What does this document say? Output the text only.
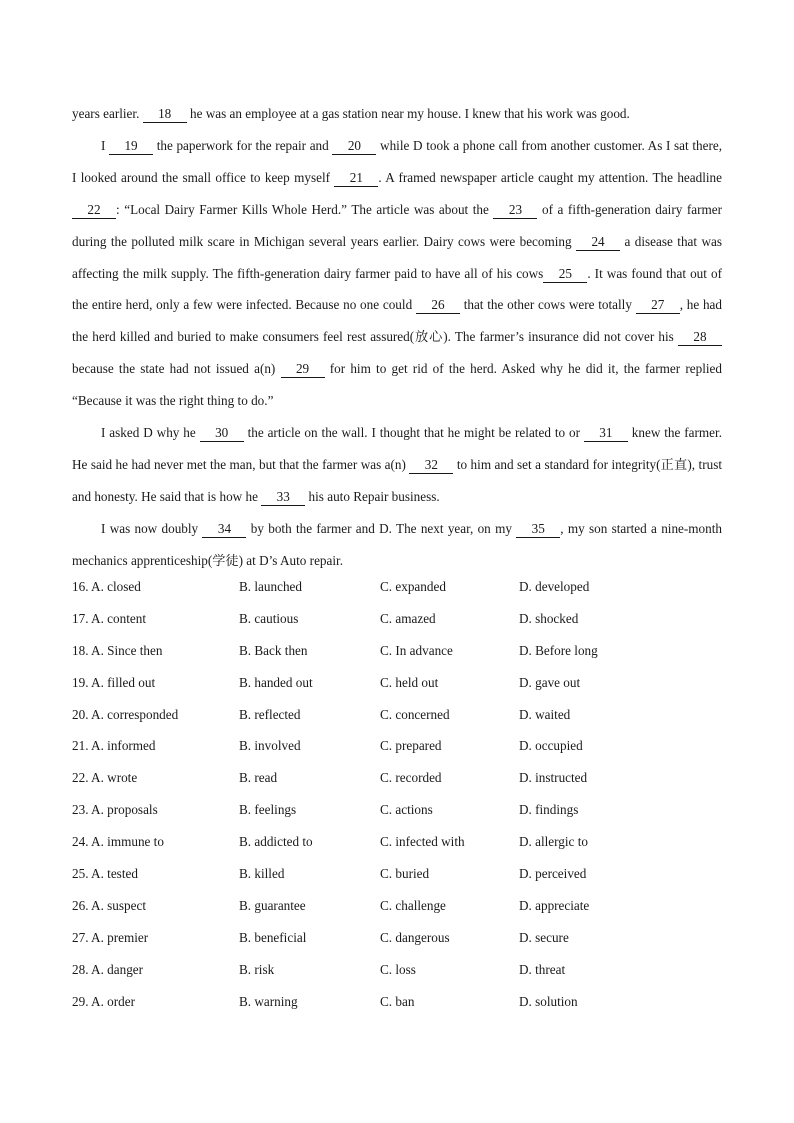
years earlier. 18 he was an employee at a gas station near my house. I knew that his work was good.

I 19 the paperwork for the repair and 20 while D took a phone call from another customer. As I sat there, I looked around the small office to keep myself 21 . A framed newspaper article caught my attention. The headline 22 : “Local Dairy Farmer Kills Whole Herd.” The article was about the 23 of a fifth-generation dairy farmer during the polluted milk scare in Michigan several years earlier. Dairy cows were becoming 24 a disease that was affecting the milk supply. The fifth-generation dairy farmer paid to have all of his cows 25 . It was found that out of the entire herd, only a few were infected. Because no one could 26 that the other cows were totally 27 , he had the herd killed and buried to make consumers feel rest assured(放心). The farmer’s insurance did not cover his 28 because the state had not issued a(n) 29 for him to get rid of the herd. Asked why he did it, the farmer replied “Because it was the right thing to do.”

I asked D why he 30 the article on the wall. I thought that he might be related to or 31 knew the farmer. He said he had never met the man, but that the farmer was a(n) 32 to him and set a standard for integrity(正直), trust and honesty. He said that is how he 33 his auto Repair business.

I was now doubly 34 by both the farmer and D. The next year, on my 35 , my son started a nine-month mechanics apprenticeship(学徒) at D’s Auto repair.

16. A. closed	B. launched	C. expanded	D. developed
17. A. content	B. cautious	C. amazed	D. shocked
18. A. Since then	B. Back then	C. In advance	D. Before long
19. A. filled out	B. handed out	C. held out	D. gave out
20. A. corresponded	B. reflected	C. concerned	D. waited
21. A. informed	B. involved	C. prepared	D. occupied
22. A. wrote	B. read	C. recorded	D. instructed
23. A. proposals	B. feelings	C. actions	D. findings
24. A. immune to	B. addicted to	C. infected with	D. allergic to
25. A. tested	B. killed	C. buried	D. perceived
26. A. suspect	B. guarantee	C. challenge	D. appreciate
27. A. premier	B. beneficial	C. dangerous	D. secure
28. A. danger	B. risk	C. loss	D. threat
29. A. order	B. warning	C. ban	D. solution
